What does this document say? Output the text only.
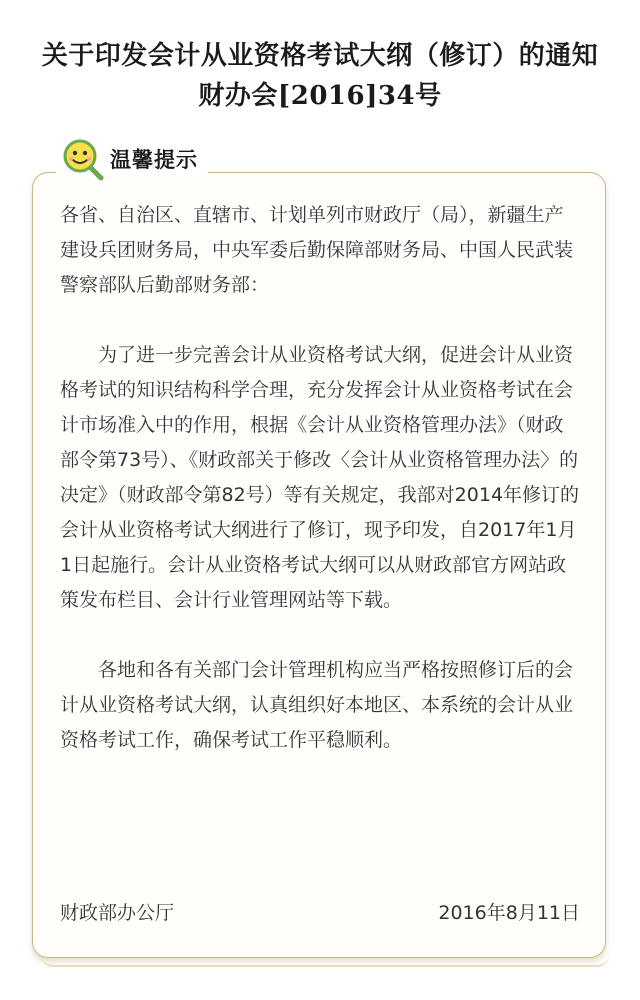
关于印发会计从业资格考试大纲（修订）的通知
财办会[2016]34号
温馨提示

各省、自治区、直辖市、计划单列市财政厅（局），新疆生产建设兵团财务局，中央军委后勤保障部财务局、中国人民武装警察部队后勤部财务部：

为了进一步完善会计从业资格考试大纲，促进会计从业资格考试的知识结构科学合理，充分发挥会计从业资格考试在会计市场准入中的作用，根据《会计从业资格管理办法》（财政部令第73号）、《财政部关于修改〈会计从业资格管理办法〉的决定》（财政部令第82号）等有关规定，我部对2014年修订的会计从业资格考试大纲进行了修订，现予印发，自2017年1月1日起施行。会计从业资格考试大纲可以从财政部官方网站政策发布栏目、会计行业管理网站等下载。

各地和各有关部门会计管理机构应当严格按照修订后的会计从业资格考试大纲，认真组织好本地区、本系统的会计从业资格考试工作，确保考试工作平稳顺利。

财政部办公厅	2016年8月11日
